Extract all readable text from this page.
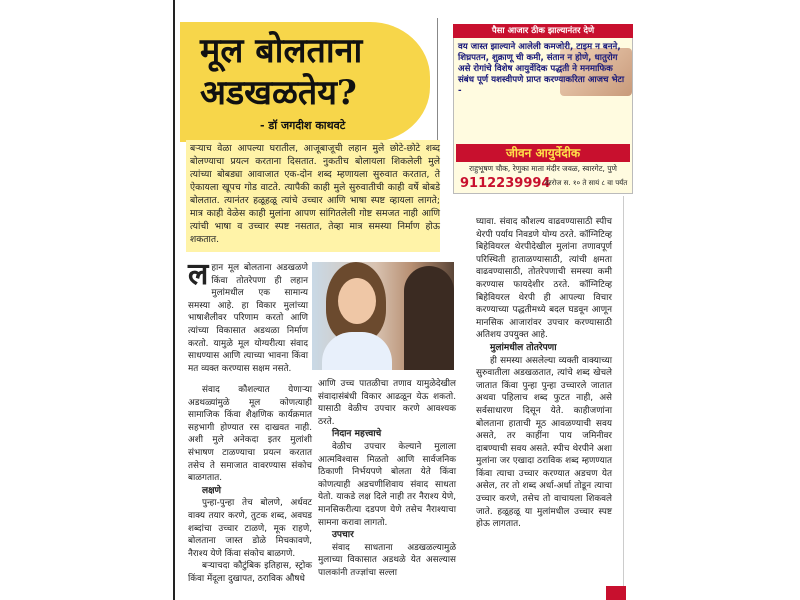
मूल बोलताना
अडखळतेय?
- डॉ जगदीश काथवटे
बऱ्याच वेळा आपल्या घरातील, आजूबाजूची लहान मुले छोटे-छोटे शब्द बोलण्याचा प्रयत्न करताना दिसतात. नुकतीच बोलायला शिकलेली मुले त्यांच्या बोबड्या आवाजात एक-दोन शब्द म्हणायला सुरुवात करतात, ते ऐकायला खूपच गोड वाटते. त्यापैकी काही मुले सुरुवातीची काही वर्षे बोबडे बोलतात. त्यानंतर हळूहळू त्यांचे उच्चार आणि भाषा स्पष्ट व्हायला लागते; मात्र काही वेळेस काही मुलांना आपण सांगितलेली गोष्ट समजत नाही आणि त्यांची भाषा व उच्चार स्पष्ट नसतात, तेव्हा मात्र समस्या निर्माण होऊ शकतात.
पैसा आजार ठीक झाल्यानंतर देणे
वय जास्त झाल्याने आलेली कमजोरी, टाइम न बनने, शिघ्रपतन, शुक्राणू ची कमी, संतान न होणे, धातुरोग असे रोगांचे विशेष आयुर्वेदिक पद्धती ने मनमाफिक संबंध पूर्ण यशस्वीपणे प्राप्त करण्याकरिता आजच भेटा -
जीवन आयुर्वेदीक
राहुभूषण चौक, रेणुका माता मंदीर जवळ, स्वारगेट, पुणे
9112239994
दररोज स. १० ते सायं ८ वा पर्यंत

लहान मूल बोलताना अडखळणे किंवा तोतरेपणा ही लहान मुलांमधील एक सामान्य समस्या आहे. हा विकार मुलांच्या भाषाशैलीवर परिणाम करतो आणि त्यांच्या विकासात अडथळा निर्माण करतो. यामुळे मूल योग्यरीत्या संवाद साधण्यास आणि त्याच्या भावना किंवा मत व्यक्त करण्यास सक्षम नसते.

संवाद कौशल्यात येणाऱ्या अडथळ्यांमुळे मूल कोणत्याही सामाजिक किंवा शैक्षणिक कार्यक्रमात सहभागी होण्यात रस दाखवत नाही. अशी मुले अनेकदा इतर मुलांशी संभाषण टाळण्याचा प्रयत्न करतात तसेच ते समाजात वावरण्यास संकोच बाळगतात.

लक्षणे

पुन्हा-पुन्हा तेच बोलणे, अर्धवट वाक्य तयार करणे, तुटक शब्द, अवघड शब्दांचा उच्चार टाळणे, मूक राहणे, बोलताना जास्त डोळे मिचकावणे, नैराश्य येणे किंवा संकोच बाळगणे.

बऱ्याचदा कौटुंबिक इतिहास, स्ट्रोक किंवा मेंदूला दुखापत, ठराविक औषधे

आणि उच्च पातळीचा तणाव यामुळेदेखील संवादासंबंधी विकार आढळून येऊ शकतो. यासाठी वेळीच उपचार करणे आवश्यक ठरते.

निदान महत्त्वाचे

वेळीच उपचार केल्याने मुलाला आत्मविश्वास मिळतो आणि सार्वजनिक ठिकाणी निर्भयपणे बोलता येते किंवा कोणत्याही अडचणीशिवाय संवाद साधता येतो. याकडे लक्ष दिले नाही तर नैराश्य येणे, मानसिकरीत्या दडपण येणे तसेच नैराश्याचा सामना करावा लागतो.

उपचार

संवाद साधताना अडखळल्यामुळे मुलाच्या विकासात अडथळे येत असल्यास पालकांनी तज्ज्ञांचा सल्ला

घ्यावा. संवाद कौशल्य वाढवण्यासाठी स्पीच थेरपी पर्याय निवडणे योग्य ठरते. कॉग्निटिव्ह बिहेवियरल थेरपीदेखील मुलांना तणावपूर्ण परिस्थिती हाताळण्यासाठी, त्यांची क्षमता वाढवण्यासाठी, तोतरेपणाची समस्या कमी करण्यास फायदेशीर ठरते. कॉग्निटिव्ह बिहेवियरल थेरपी ही आपल्या विचार करण्याच्या पद्धतीमध्ये बदल घडवून आणून मानसिक आजारांवर उपचार करण्यासाठी अतिशय उपयुक्त आहे.

मुलांमधील तोतरेपणा

ही समस्या असलेल्या व्यक्ती वाक्याच्या सुरुवातीला अडखळतात, त्यांचे शब्द खेचले जातात किंवा पुन्हा पुन्हा उच्चारले जातात अथवा पहिलाच शब्द फुटत नाही, असे सर्वसाधारण दिसून येते. काहीजणांना बोलताना हाताची मूठ आवळण्याची सवय असते, तर काहींना पाय जमिनीवर दाबण्याची सवय असते. स्पीच थेरपीने अशा मुलांना जर एखादा ठराविक शब्द म्हणण्यात किंवा त्याचा उच्चार करण्यात अडचण येत असेल, तर तो शब्द अर्धा-अर्धा तोडून त्याचा उच्चार करणे, तसेच तो वाचायला शिकवले जाते. हळूहळू या मुलांमधील उच्चार स्पष्ट होऊ लागतात.
